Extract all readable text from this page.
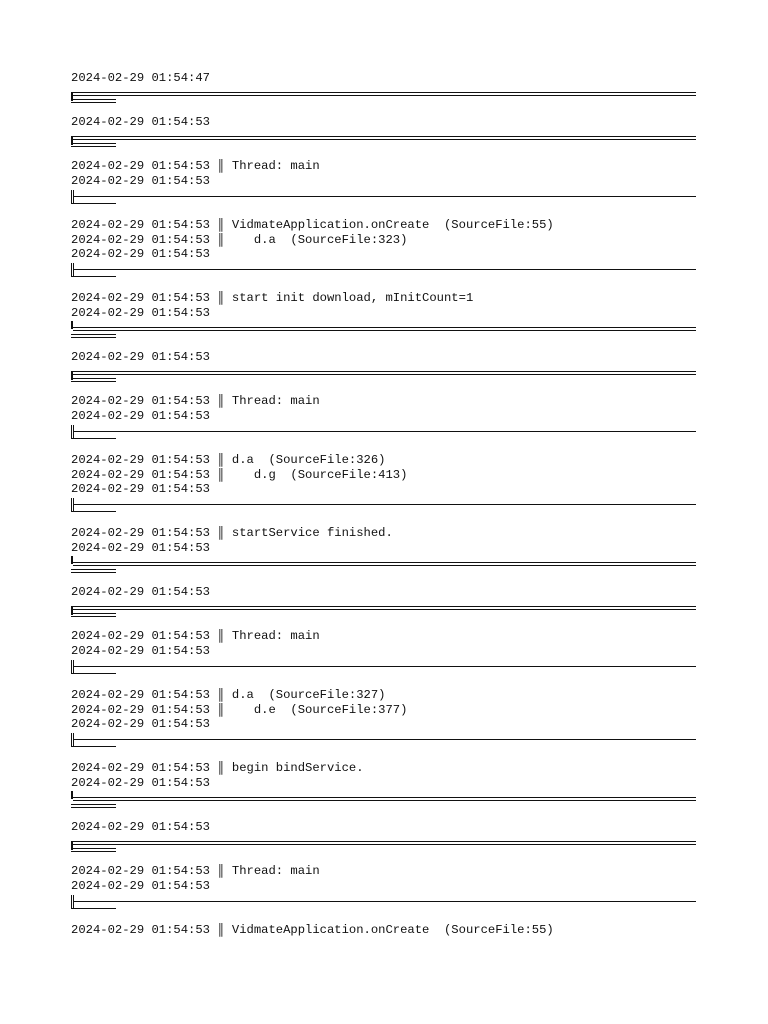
2024-02-29 01:54:47
2024-02-29 01:54:53
2024-02-29 01:54:53 ║ Thread: main
2024-02-29 01:54:53
2024-02-29 01:54:53 ║ VidmateApplication.onCreate  (SourceFile:55)
2024-02-29 01:54:53 ║    d.a  (SourceFile:323)
2024-02-29 01:54:53
2024-02-29 01:54:53 ║ start init download, mInitCount=1
2024-02-29 01:54:53
2024-02-29 01:54:53
2024-02-29 01:54:53 ║ Thread: main
2024-02-29 01:54:53
2024-02-29 01:54:53 ║ d.a  (SourceFile:326)
2024-02-29 01:54:53 ║    d.g  (SourceFile:413)
2024-02-29 01:54:53
2024-02-29 01:54:53 ║ startService finished.
2024-02-29 01:54:53
2024-02-29 01:54:53
2024-02-29 01:54:53 ║ Thread: main
2024-02-29 01:54:53
2024-02-29 01:54:53 ║ d.a  (SourceFile:327)
2024-02-29 01:54:53 ║    d.e  (SourceFile:377)
2024-02-29 01:54:53
2024-02-29 01:54:53 ║ begin bindService.
2024-02-29 01:54:53
2024-02-29 01:54:53
2024-02-29 01:54:53 ║ Thread: main
2024-02-29 01:54:53
2024-02-29 01:54:53 ║ VidmateApplication.onCreate  (SourceFile:55)
